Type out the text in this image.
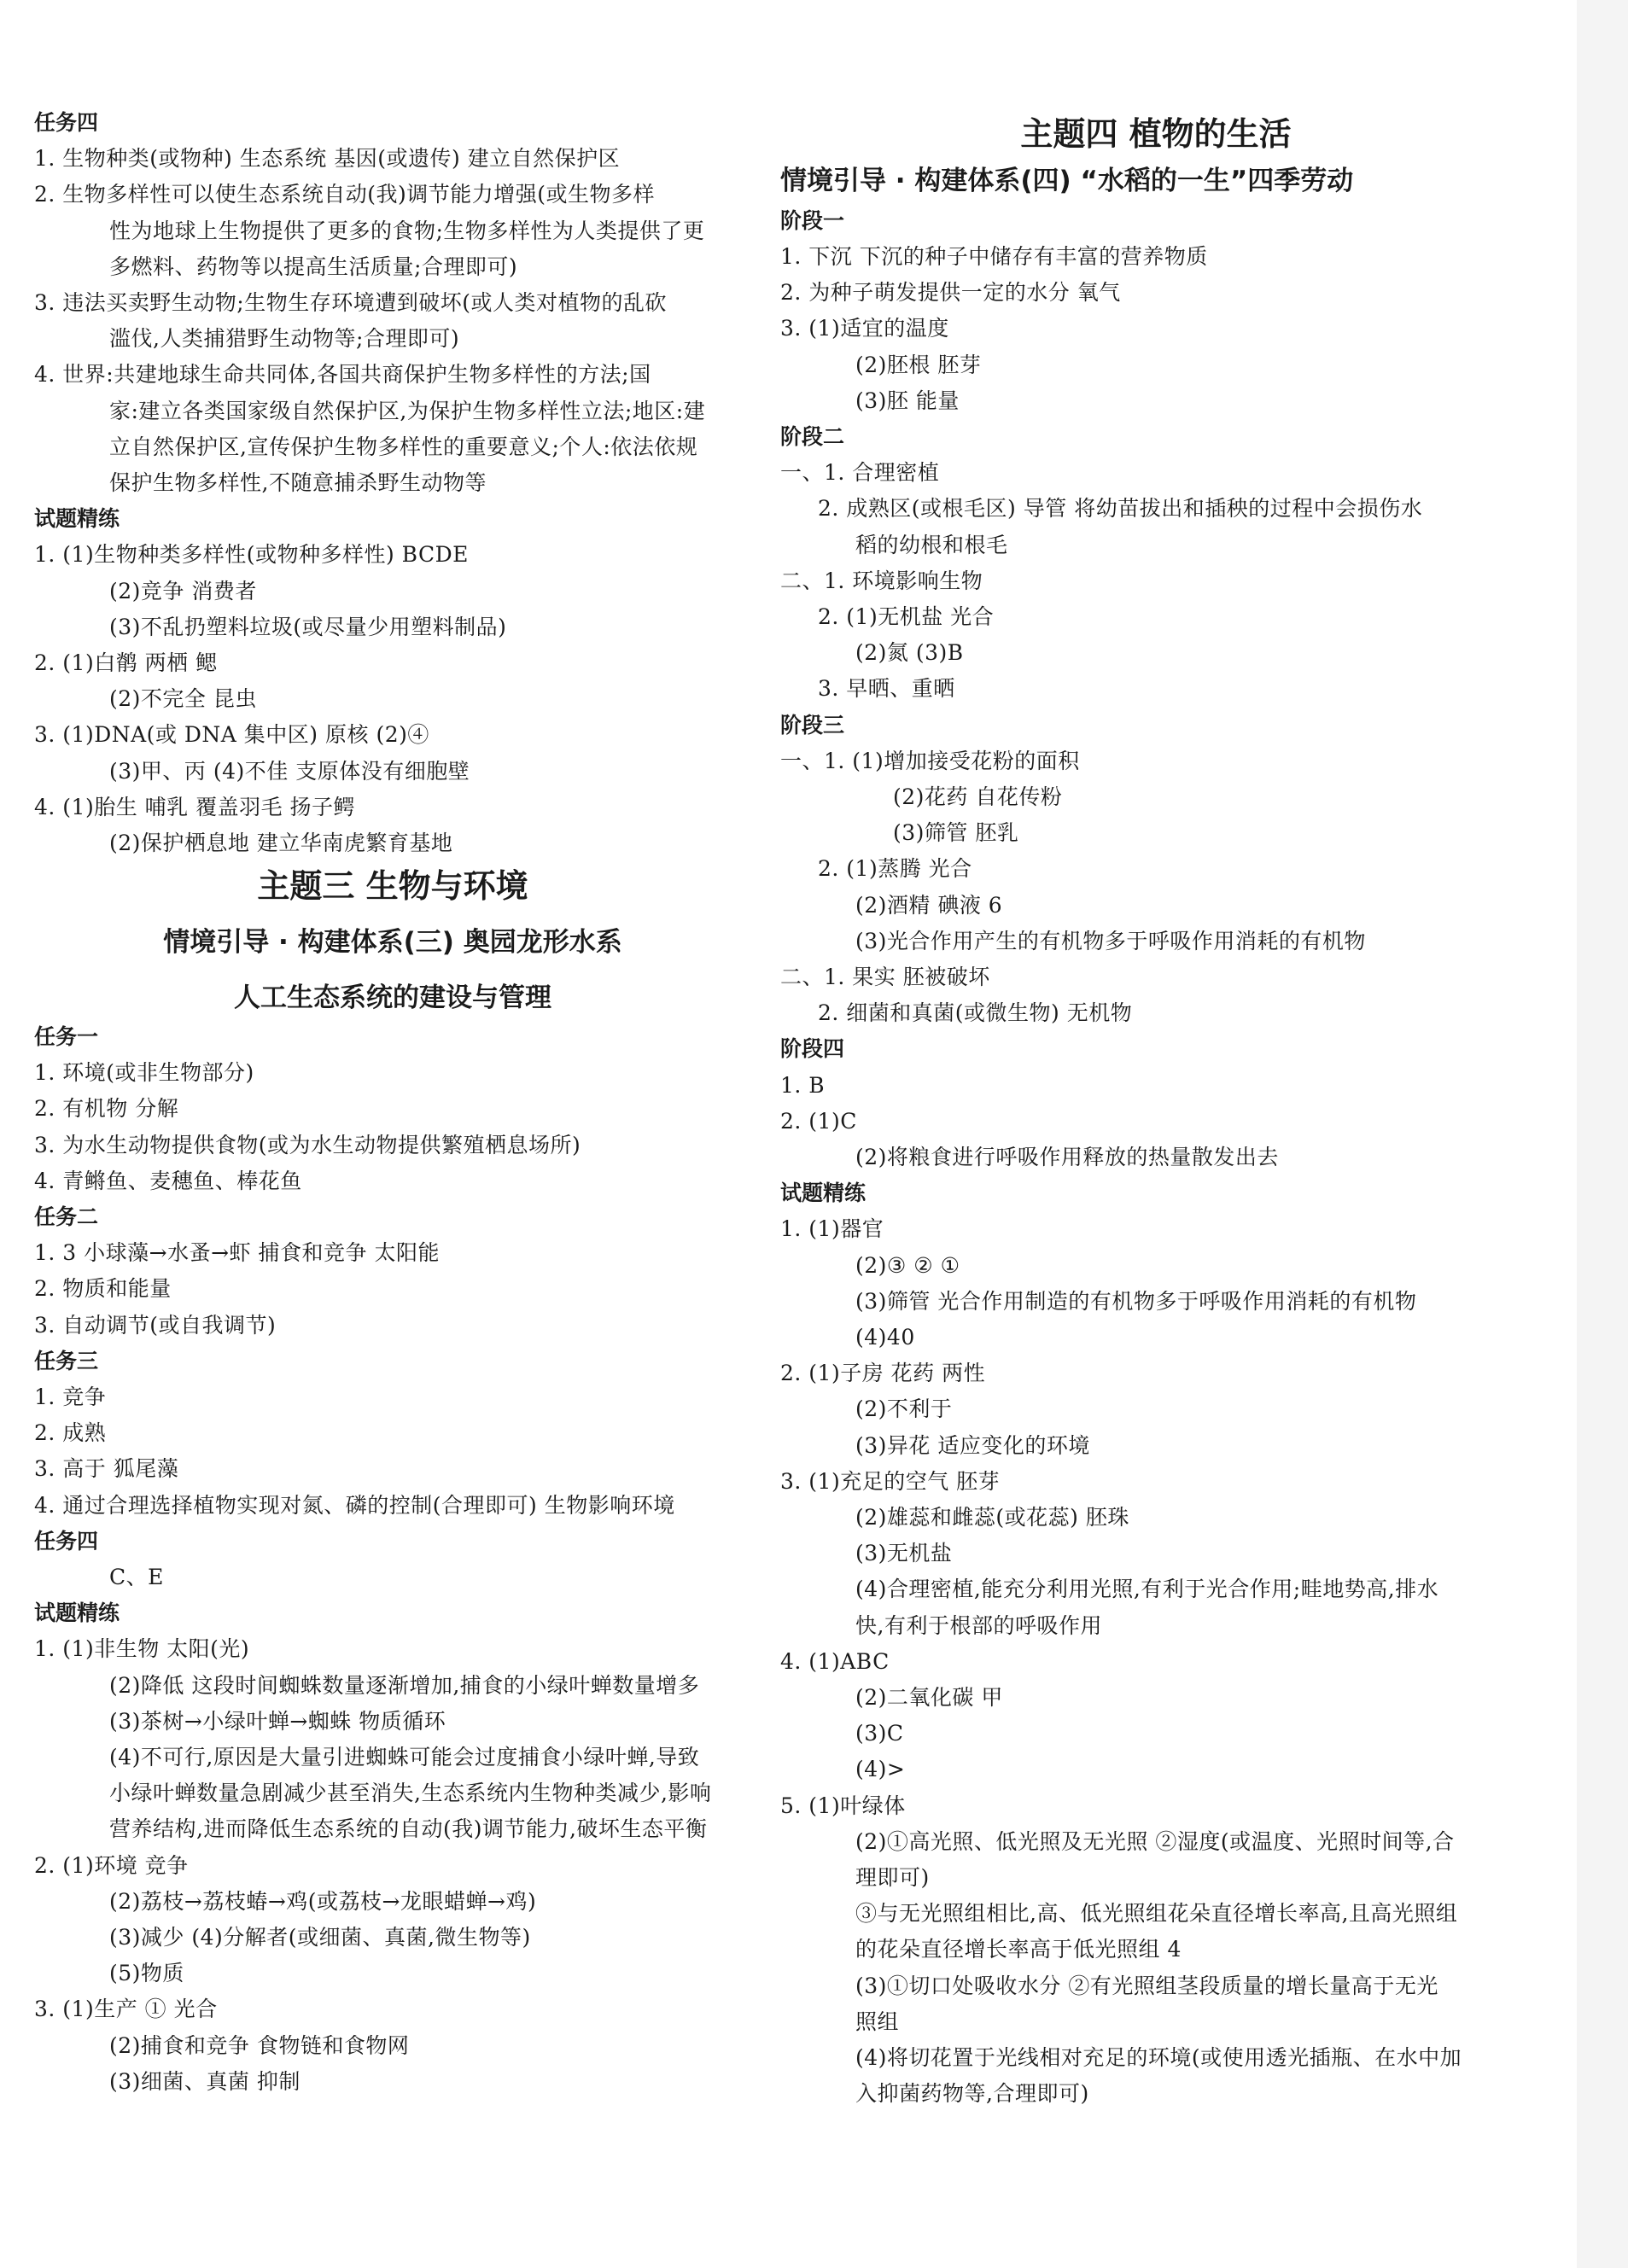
任务四
1. 生物种类(或物种) 生态系统 基因(或遗传) 建立自然保护区
2. 生物多样性可以使生态系统自动(我)调节能力增强(或生物多样
性为地球上生物提供了更多的食物;生物多样性为人类提供了更
多燃料、药物等以提高生活质量;合理即可)
3. 违法买卖野生动物;生物生存环境遭到破坏(或人类对植物的乱砍
滥伐,人类捕猎野生动物等;合理即可)
4. 世界:共建地球生命共同体,各国共商保护生物多样性的方法;国
家:建立各类国家级自然保护区,为保护生物多样性立法;地区:建
立自然保护区,宣传保护生物多样性的重要意义;个人:依法依规
保护生物多样性,不随意捕杀野生动物等
试题精练
1. (1)生物种类多样性(或物种多样性) BCDE
(2)竞争 消费者
(3)不乱扔塑料垃圾(或尽量少用塑料制品)
2. (1)白鹡 两栖 鳃
(2)不完全 昆虫
3. (1)DNA(或 DNA 集中区) 原核 (2)④
(3)甲、丙 (4)不佳 支原体没有细胞壁
4. (1)胎生 哺乳 覆盖羽毛 扬子鳄
(2)保护栖息地 建立华南虎繁育基地
主题三 生物与环境
情境引导 · 构建体系(三) 奥园龙形水系
人工生态系统的建设与管理
任务一
1. 环境(或非生物部分)
2. 有机物 分解
3. 为水生动物提供食物(或为水生动物提供繁殖栖息场所)
4. 青鳉鱼、麦穗鱼、棒花鱼
任务二
1. 3 小球藻→水蚤→虾 捕食和竞争 太阳能
2. 物质和能量
3. 自动调节(或自我调节)
任务三
1. 竞争
2. 成熟
3. 高于 狐尾藻
4. 通过合理选择植物实现对氮、磷的控制(合理即可) 生物影响环境
任务四
C、E
试题精练
1. (1)非生物 太阳(光)
(2)降低 这段时间蜘蛛数量逐渐增加,捕食的小绿叶蝉数量增多
(3)茶树→小绿叶蝉→蜘蛛 物质循环
(4)不可行,原因是大量引进蜘蛛可能会过度捕食小绿叶蝉,导致
小绿叶蝉数量急剧减少甚至消失,生态系统内生物种类减少,影响
营养结构,进而降低生态系统的自动(我)调节能力,破坏生态平衡
2. (1)环境 竞争
(2)荔枝→荔枝蝽→鸡(或荔枝→龙眼蜡蝉→鸡)
(3)减少 (4)分解者(或细菌、真菌,微生物等)
(5)物质
3. (1)生产 ① 光合
(2)捕食和竞争 食物链和食物网
(3)细菌、真菌 抑制
主题四 植物的生活
情境引导 · 构建体系(四) “水稻的一生”四季劳动
阶段一
1. 下沉 下沉的种子中储存有丰富的营养物质
2. 为种子萌发提供一定的水分 氧气
3. (1)适宜的温度
(2)胚根 胚芽
(3)胚 能量
阶段二
一、1. 合理密植
2. 成熟区(或根毛区) 导管 将幼苗拔出和插秧的过程中会损伤水
稻的幼根和根毛
二、1. 环境影响生物
2. (1)无机盐 光合
(2)氮 (3)B
3. 早晒、重晒
阶段三
一、1. (1)增加接受花粉的面积
(2)花药 自花传粉
(3)筛管 胚乳
2. (1)蒸腾 光合
(2)酒精 碘液 6
(3)光合作用产生的有机物多于呼吸作用消耗的有机物
二、1. 果实 胚被破坏
2. 细菌和真菌(或微生物) 无机物
阶段四
1. B
2. (1)C
(2)将粮食进行呼吸作用释放的热量散发出去
试题精练
1. (1)器官
(2)③ ② ①
(3)筛管 光合作用制造的有机物多于呼吸作用消耗的有机物
(4)40
2. (1)子房 花药 两性
(2)不利于
(3)异花 适应变化的环境
3. (1)充足的空气 胚芽
(2)雄蕊和雌蕊(或花蕊) 胚珠
(3)无机盐
(4)合理密植,能充分利用光照,有利于光合作用;畦地势高,排水
快,有利于根部的呼吸作用
4. (1)ABC
(2)二氧化碳 甲
(3)C
(4)>
5. (1)叶绿体
(2)①高光照、低光照及无光照 ②湿度(或温度、光照时间等,合
理即可)
③与无光照组相比,高、低光照组花朵直径增长率高,且高光照组
的花朵直径增长率高于低光照组 4
(3)①切口处吸收水分 ②有光照组茎段质量的增长量高于无光
照组
(4)将切花置于光线相对充足的环境(或使用透光插瓶、在水中加
入抑菌药物等,合理即可)
